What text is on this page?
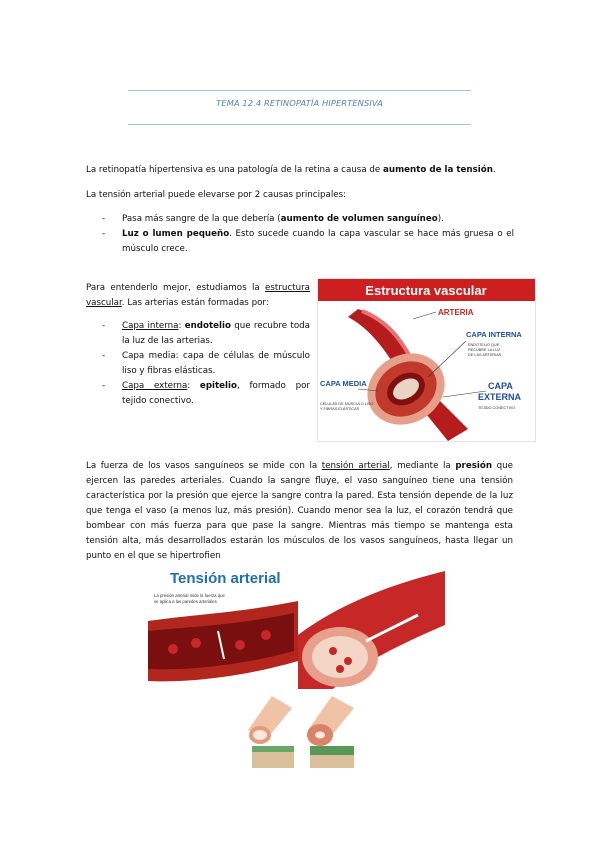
TEMA 12.4 RETINOPATÍA HIPERTENSIVA
La retinopatía hipertensiva es una patología de la retina a causa de aumento de la tensión.
La tensión arterial puede elevarse por 2 causas principales:
- Pasa más sangre de la que debería (aumento de volumen sanguíneo).
- Luz o lumen pequeño. Esto sucede cuando la capa vascular se hace más gruesa o el
músculo crece.
Para entenderlo mejor, estudiamos la estructura
vascular. Las arterias están formadas por:
- Capa interna: endotelio que recubre toda
la luz de las arterias.
- Capa media: capa de células de músculo
liso y fibras elásticas.
- Capa externa: epitelio, formado por
tejido conectivo.
Estructura vascular
ARTERIA
CAPA INTERNA
ENDOTELIO QUE
RECUBRE LA LUZ
DE LAS ARTERIAS
CAPA MEDIA
CÉLULAS DE MÚSCULO LISO
Y FIBRAS ELÁSTICAS
CAPA
EXTERNA
TEJIDO CONECTIVO
La fuerza de los vasos sanguíneos se mide con la tensión arterial, mediante la presión que
ejercen las paredes arteriales. Cuando la sangre fluye, el vaso sanguíneo tiene una tensión
característica por la presión que ejerce la sangre contra la pared. Esta tensión depende de la luz
que tenga el vaso (a menos luz, más presión). Cuando menor sea la luz, el corazón tendrá que
bombear con más fuerza para que pase la sangre. Mientras más tiempo se mantenga esta
tensión alta, más desarrollados estarán los músculos de los vasos sanguíneos, hasta llegar un
punto en el que se hipertrofien
Tensión arterial
La presión arterial mide la fuerza que
se aplica a las paredes arteriales
